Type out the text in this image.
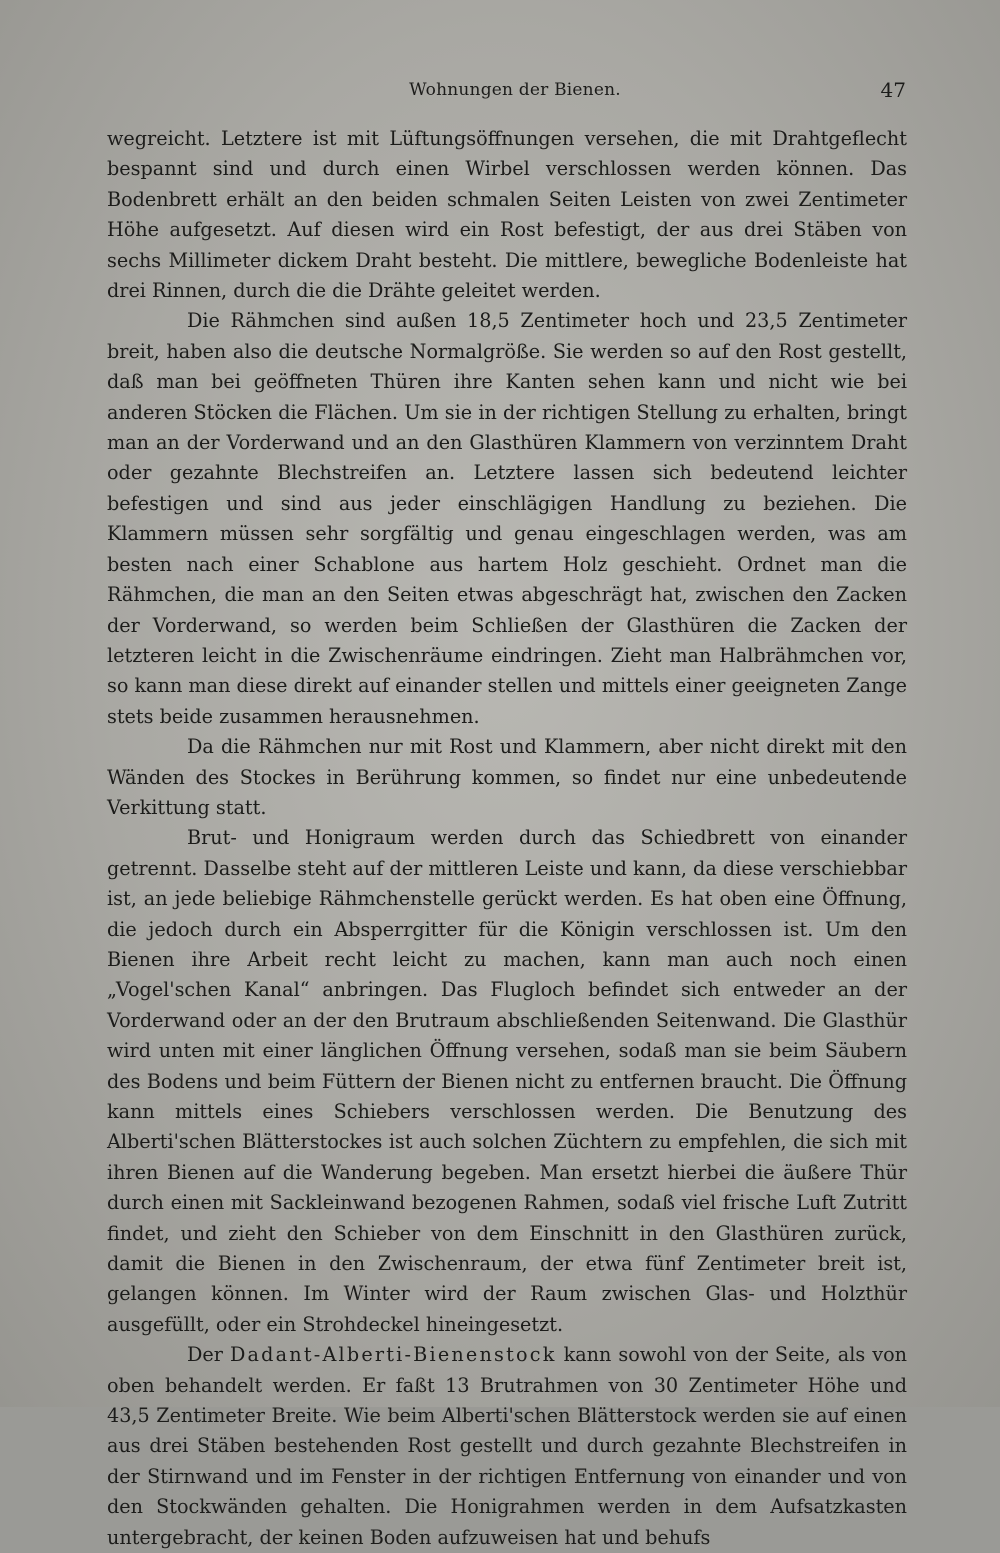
Wohnungen der Bienen.	47

wegreicht. Letztere ist mit Lüftungsöffnungen versehen, die mit Drahtgeflecht bespannt sind und durch einen Wirbel verschlossen werden können. Das Bodenbrett erhält an den beiden schmalen Seiten Leisten von zwei Zentimeter Höhe aufgesetzt. Auf diesen wird ein Rost befestigt, der aus drei Stäben von sechs Millimeter dickem Draht besteht. Die mittlere, bewegliche Bodenleiste hat drei Rinnen, durch die die Drähte geleitet werden.

Die Rähmchen sind außen 18,5 Zentimeter hoch und 23,5 Zentimeter breit, haben also die deutsche Normalgröße. Sie werden so auf den Rost gestellt, daß man bei geöffneten Thüren ihre Kanten sehen kann und nicht wie bei anderen Stöcken die Flächen. Um sie in der richtigen Stellung zu erhalten, bringt man an der Vorderwand und an den Glasthüren Klammern von verzinntem Draht oder gezahnte Blechstreifen an. Letztere lassen sich bedeutend leichter befestigen und sind aus jeder einschlägigen Handlung zu beziehen. Die Klammern müssen sehr sorgfältig und genau eingeschlagen werden, was am besten nach einer Schablone aus hartem Holz geschieht. Ordnet man die Rähmchen, die man an den Seiten etwas abgeschrägt hat, zwischen den Zacken der Vorderwand, so werden beim Schließen der Glasthüren die Zacken der letzteren leicht in die Zwischenräume eindringen. Zieht man Halbrähmchen vor, so kann man diese direkt auf einander stellen und mittels einer geeigneten Zange stets beide zusammen herausnehmen.

Da die Rähmchen nur mit Rost und Klammern, aber nicht direkt mit den Wänden des Stockes in Berührung kommen, so findet nur eine unbedeutende Verkittung statt.

Brut- und Honigraum werden durch das Schiedbrett von einander getrennt. Dasselbe steht auf der mittleren Leiste und kann, da diese verschiebbar ist, an jede beliebige Rähmchenstelle gerückt werden. Es hat oben eine Öffnung, die jedoch durch ein Absperrgitter für die Königin verschlossen ist. Um den Bienen ihre Arbeit recht leicht zu machen, kann man auch noch einen „Vogel'schen Kanal“ anbringen. Das Flugloch befindet sich entweder an der Vorderwand oder an der den Brutraum abschließenden Seitenwand. Die Glasthür wird unten mit einer länglichen Öffnung versehen, sodaß man sie beim Säubern des Bodens und beim Füttern der Bienen nicht zu entfernen braucht. Die Öffnung kann mittels eines Schiebers verschlossen werden. Die Benutzung des Alberti'schen Blätterstockes ist auch solchen Züchtern zu empfehlen, die sich mit ihren Bienen auf die Wanderung begeben. Man ersetzt hierbei die äußere Thür durch einen mit Sackleinwand bezogenen Rahmen, sodaß viel frische Luft Zutritt findet, und zieht den Schieber von dem Einschnitt in den Glasthüren zurück, damit die Bienen in den Zwischenraum, der etwa fünf Zentimeter breit ist, gelangen können. Im Winter wird der Raum zwischen Glas- und Holzthür ausgefüllt, oder ein Strohdeckel hineingesetzt.

Der Dadant-Alberti-Bienenstock kann sowohl von der Seite, als von oben behandelt werden. Er faßt 13 Brutrahmen von 30 Zentimeter Höhe und 43,5 Zentimeter Breite. Wie beim Alberti'schen Blätterstock werden sie auf einen aus drei Stäben bestehenden Rost gestellt und durch gezahnte Blechstreifen in der Stirnwand und im Fenster in der richtigen Entfernung von einander und von den Stockwänden gehalten. Die Honigrahmen werden in dem Aufsatzkasten untergebracht, der keinen Boden aufzuweisen hat und behufs
